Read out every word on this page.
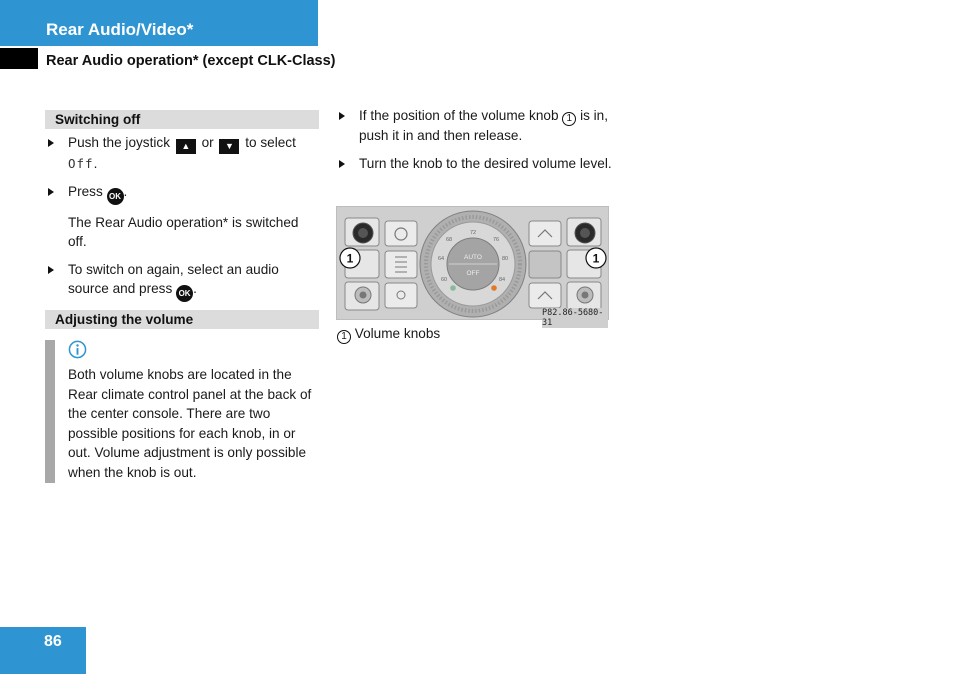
Rear Audio/Video*
Rear Audio operation* (except CLK-Class)
Switching off
Push the joystick ▲ or ▼ to select
Off.
Press OK .
The Rear Audio operation* is switched off.
To switch on again, select an audio source and press OK .
Adjusting the volume
Both volume knobs are located in the Rear climate control panel at the back of the center console. There are two possible positions for each knob, in or out. Volume adjustment is only possible when the knob is out.
If the position of the volume knob 1 is in, push it in and then release.
Turn the knob to the desired volume level.
AUTO
OFF
72
68	76
64	80
60	84
1	1
P82.86-5680-31
1 Volume knobs
86
